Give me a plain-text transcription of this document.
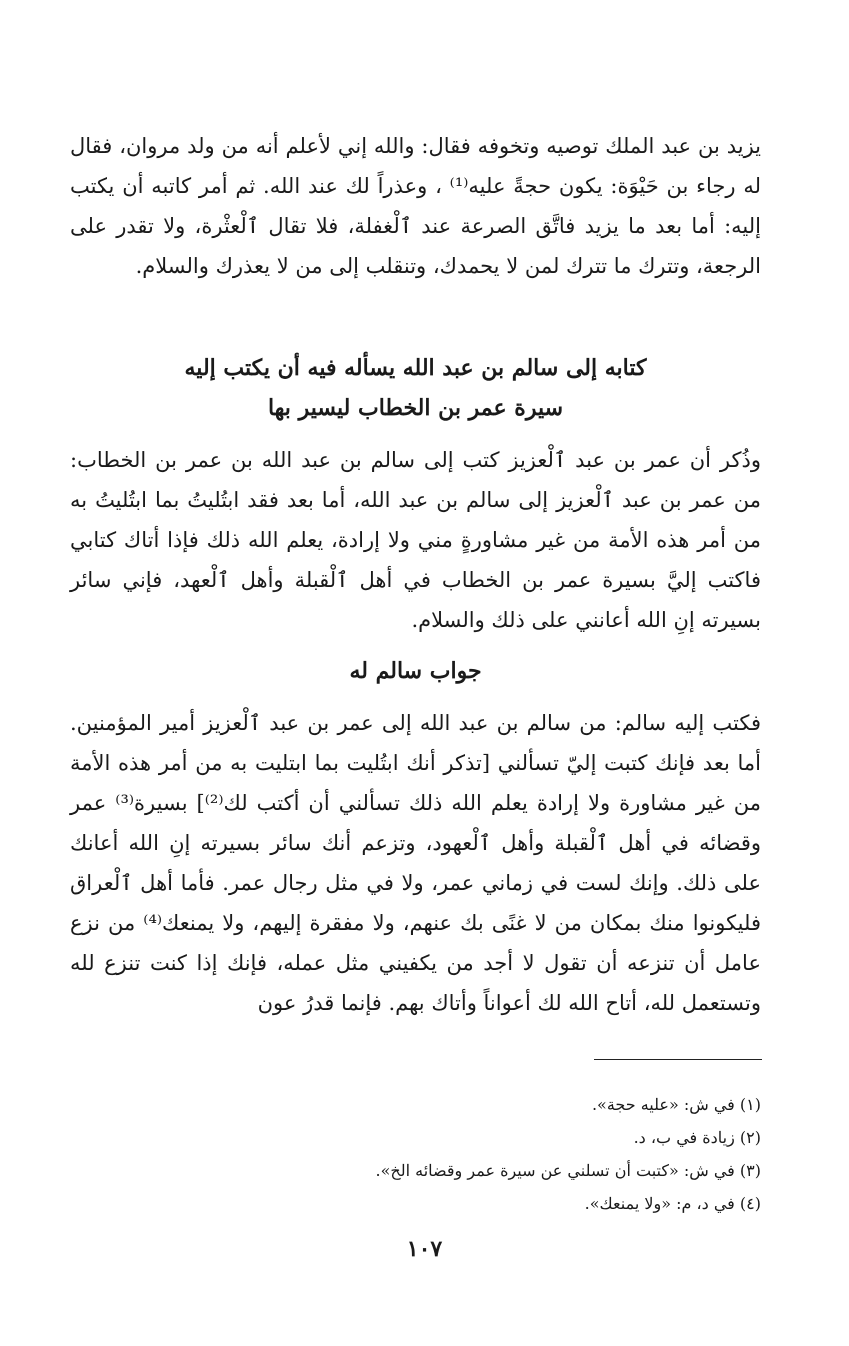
يزيد بن عبد الملك توصيه وتخوفه فقال: والله إني لأعلم أنه من ولد مروان، فقال له رجاء بن حَيْوَة: يكون حجةً عليه⁽¹⁾ ، وعذراً لك عند الله. ثم أمر كاتبه أن يكتب إليه: أما بعد ما يزيد فاتَّق الصرعة عند ٱلْغفلة، فلا تقال ٱلْعثْرة، ولا تقدر على الرجعة، وتترك ما تترك لمن لا يحمدك، وتنقلب إلى من لا يعذرك والسلام.

كتابه إلى سالم بن عبد الله يسأله فيه أن يكتب إليه
سيرة عمر بن الخطاب ليسير بها

وذُكر أن عمر بن عبد ٱلْعزيز كتب إلى سالم بن عبد الله بن عمر بن الخطاب: من عمر بن عبد ٱلْعزيز إلى سالم بن عبد الله، أما بعد فقد ابتُليتُ بما ابتُليتُ به من أمر هذه الأمة من غير مشاورةٍ مني ولا إرادة، يعلم الله ذلك فإذا أتاك كتابي فاكتب إليَّ بسيرة عمر بن الخطاب في أهل ٱلْقبلة وأهل ٱلْعهد، فإني سائر بسيرته إنِ الله أعانني على ذلك والسلام.

جواب سالم له

فكتب إليه سالم: من سالم بن عبد الله إلى عمر بن عبد ٱلْعزيز أمير المؤمنين. أما بعد فإنك كتبت إليّ تسألني [تذكر أنك ابتُليت بما ابتليت به من أمر هذه الأمة من غير مشاورة ولا إرادة يعلم الله ذلك تسألني أن أكتب لك⁽²⁾] بسيرة⁽³⁾ عمر وقضائه في أهل ٱلْقبلة وأهل ٱلْعهود، وتزعم أنك سائر بسيرته إنِ الله أعانك على ذلك. وإنك لست في زماني عمر، ولا في مثل رجال عمر. فأما أهل ٱلْعراق فليكونوا منك بمكان من لا غنًى بك عنهم، ولا مفقرة إليهم، ولا يمنعك⁽⁴⁾ من نزع عامل أن تنزعه أن تقول لا أجد من يكفيني مثل عمله، فإنك إذا كنت تنزع لله وتستعمل لله، أتاح الله لك أعواناً وأتاك بهم. فإنما قدرُ عون

(١) في ش: «عليه حجة».
(٢) زيادة في ب، د.
(٣) في ش: «كتبت أن تسلني عن سيرة عمر وقضائه الخ».
(٤) في د، م: «ولا يمنعك».
١٠٧
